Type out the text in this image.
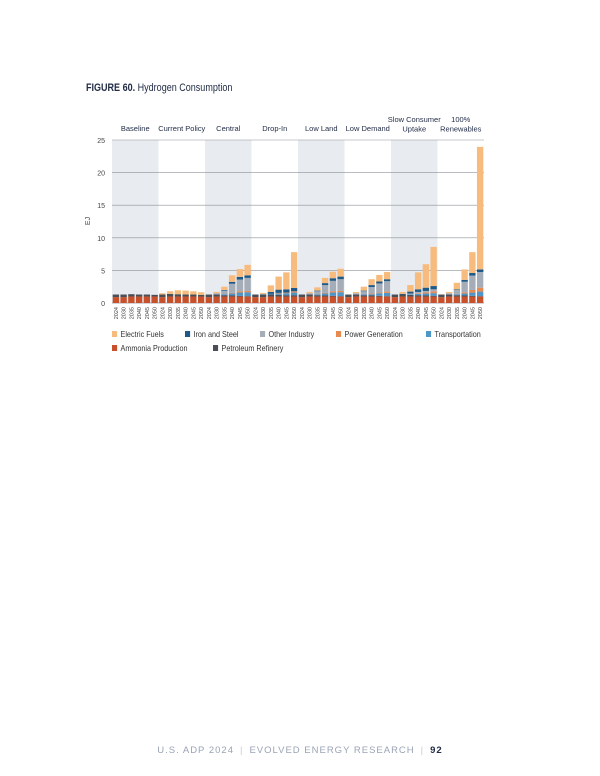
FIGURE 60. Hydrogen Consumption
0
5
10
15
20
25
EJ
Baseline Current Policy Central	Drop-In Low Land Low Demand
Slow Consumer Uptake
100% Renewables
2024 2030 2035 2040 2045 2050 2024 2030 2035 2040 2045 2050 2024 2030 2035 2040 2045 2050 2024 2030 2035 2040 2045 2050 2024 2030 2035 2040 2045 2050 2024 2030 2035 2040 2045 2050 2024 2030 2035 2040 2045 2050 2024 2030 2035 2040 2045 2050
Electric Fuels	Iron and Steel	Other Industry	Power Generation	Transportation
Ammonia Production	Petroleum Refinery
U.S. ADP 2024 | EVOLVED ENERGY RESEARCH | 92
